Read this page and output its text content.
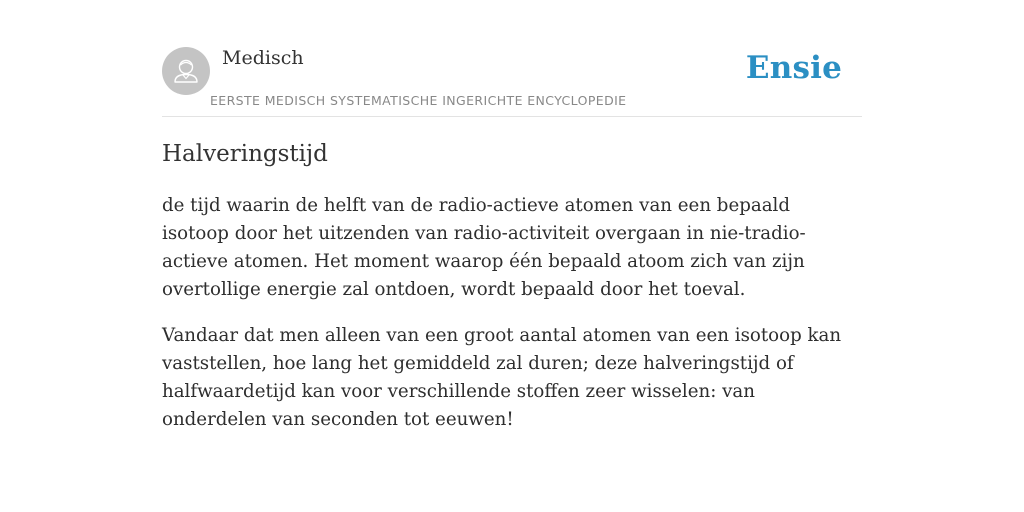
Medisch
EERSTE MEDISCH SYSTEMATISCHE INGERICHTE ENCYCLOPEDIE
Ensie
Halveringstijd

de tijd waarin de helft van de radio-actieve atomen van een bepaald isotoop door het uitzenden van radio-activiteit overgaan in nie-tradio-actieve atomen. Het moment waarop één bepaald atoom zich van zijn overtollige energie zal ontdoen, wordt bepaald door het toeval.

Vandaar dat men alleen van een groot aantal atomen van een isotoop kan vaststellen, hoe lang het gemiddeld zal duren; deze halveringstijd of halfwaardetijd kan voor verschillende stoffen zeer wisselen: van onderdelen van seconden tot eeuwen!
